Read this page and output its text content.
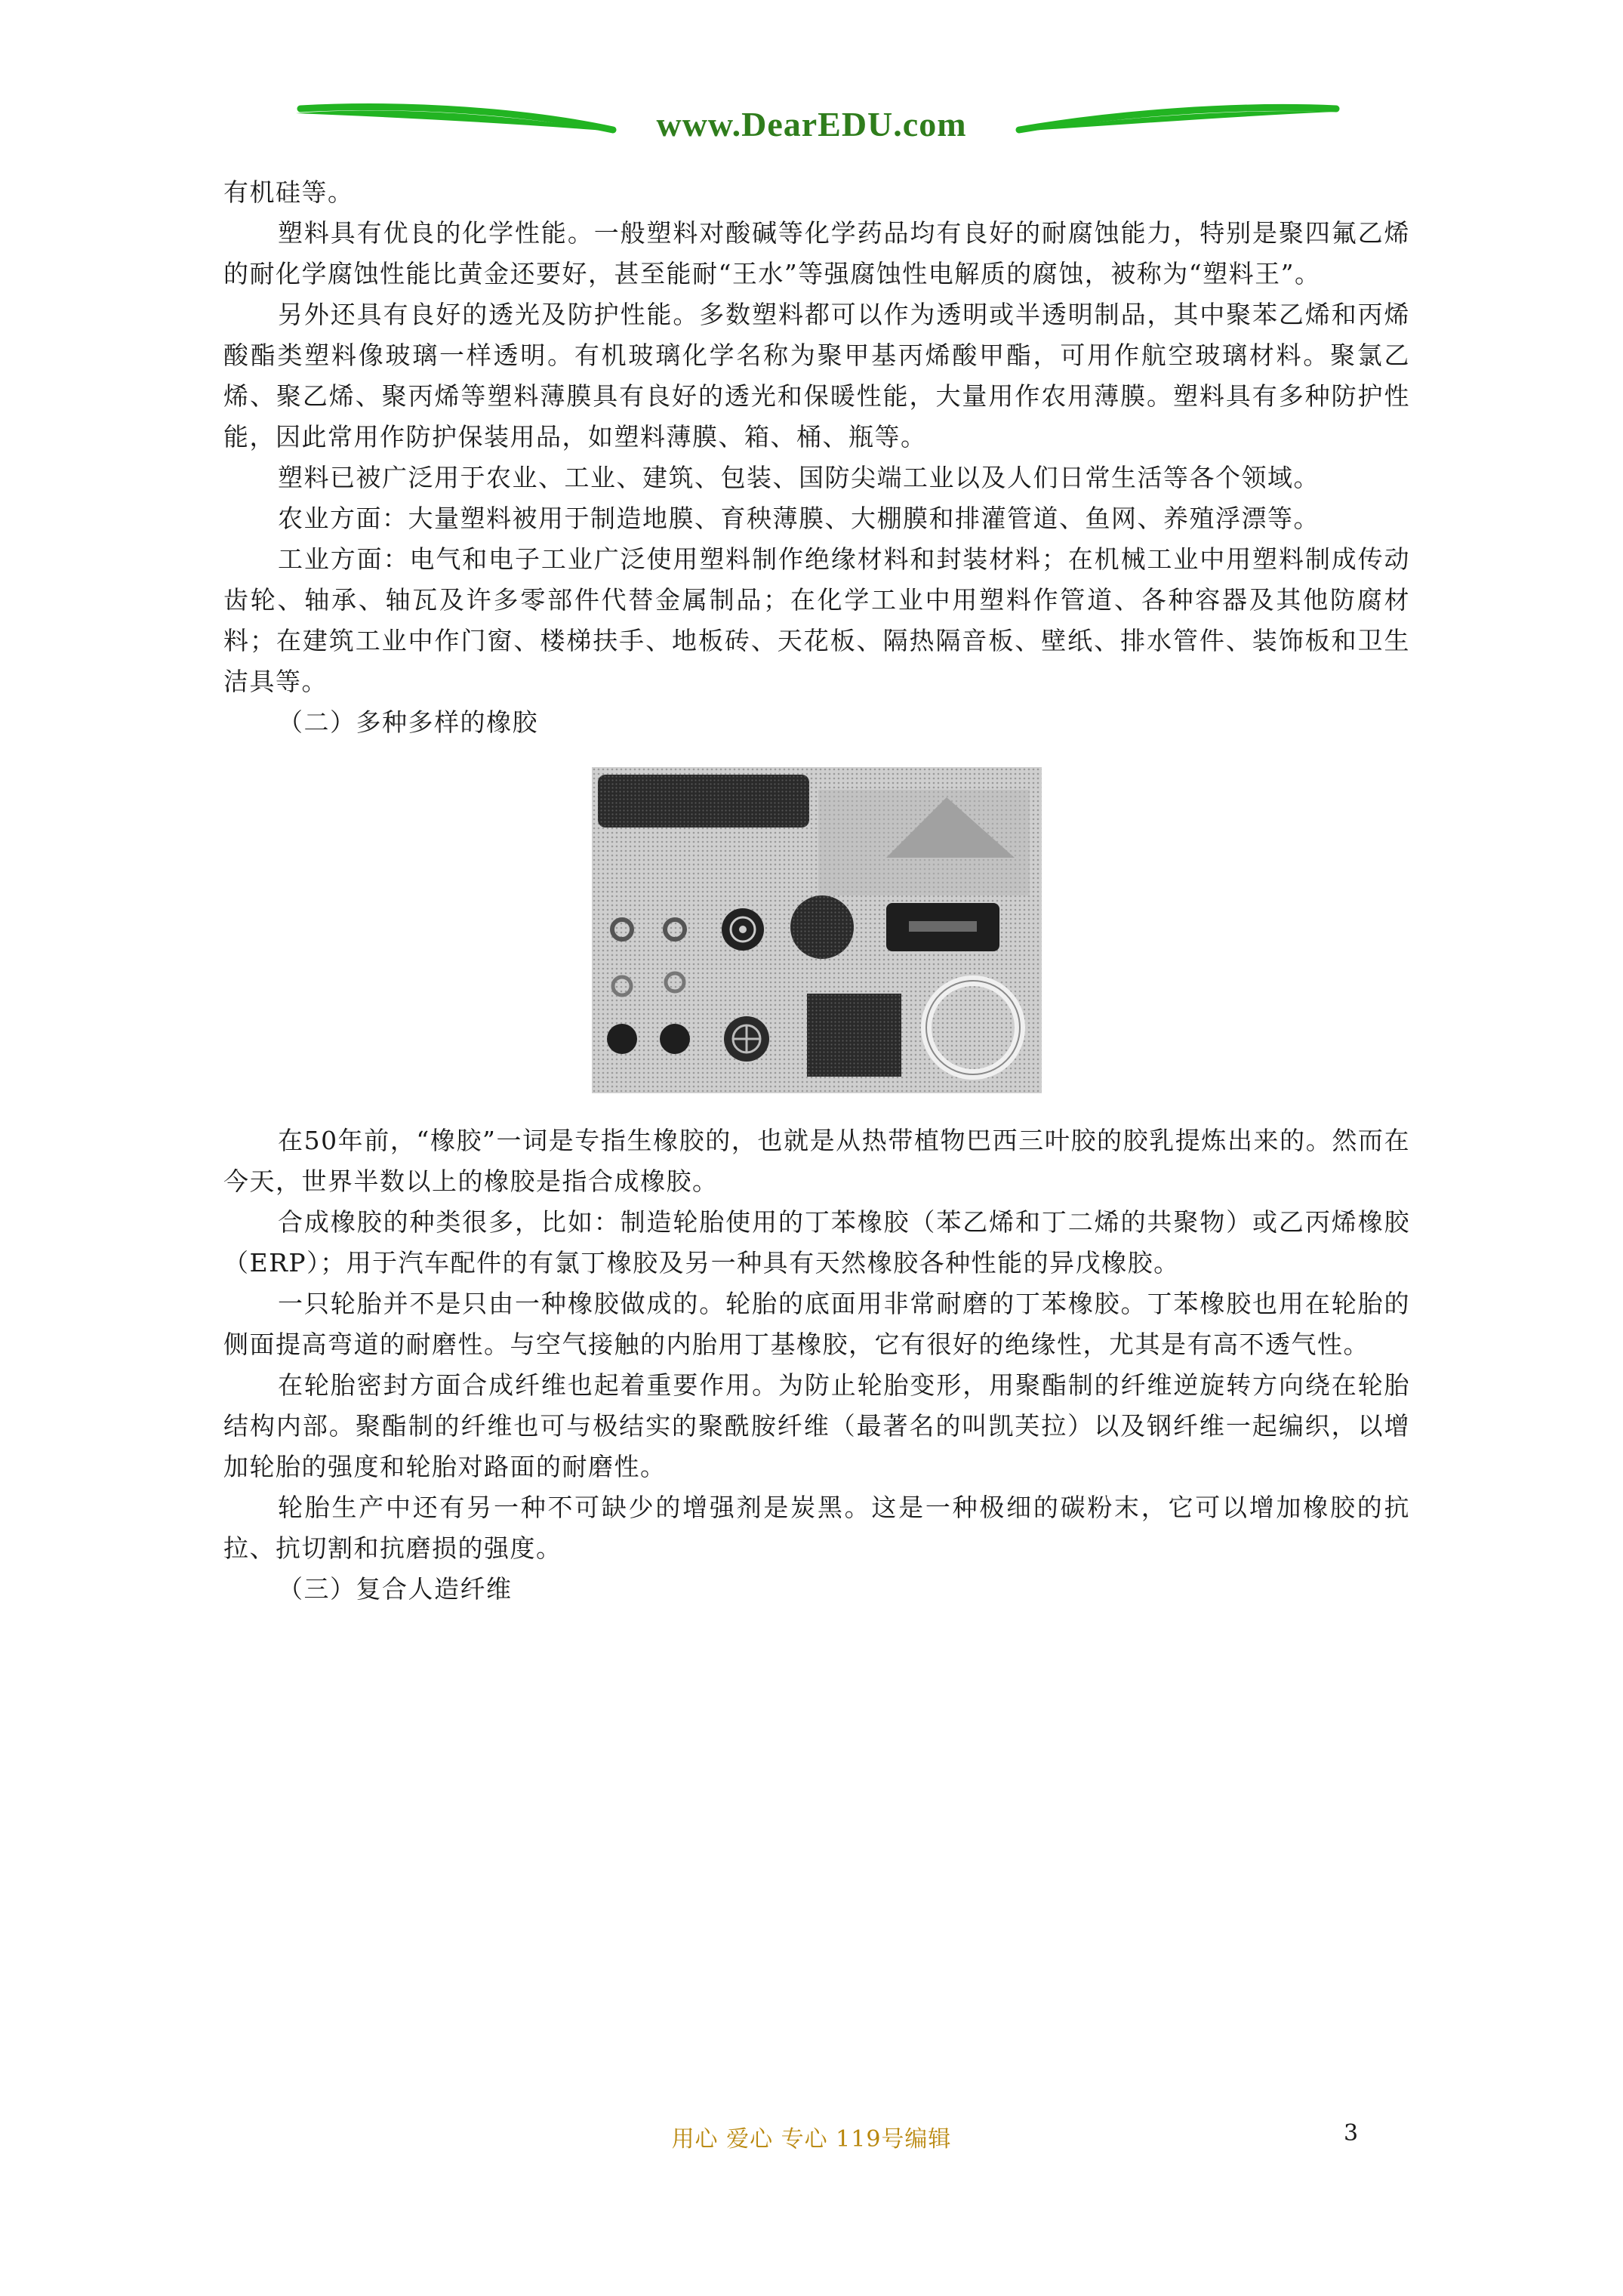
www.DearEDU.com

有机硅等。

塑料具有优良的化学性能。一般塑料对酸碱等化学药品均有良好的耐腐蚀能力，特别是聚四氟乙烯的耐化学腐蚀性能比黄金还要好，甚至能耐“王水”等强腐蚀性电解质的腐蚀，被称为“塑料王”。

另外还具有良好的透光及防护性能。多数塑料都可以作为透明或半透明制品，其中聚苯乙烯和丙烯酸酯类塑料像玻璃一样透明。有机玻璃化学名称为聚甲基丙烯酸甲酯，可用作航空玻璃材料。聚氯乙烯、聚乙烯、聚丙烯等塑料薄膜具有良好的透光和保暖性能，大量用作农用薄膜。塑料具有多种防护性能，因此常用作防护保装用品，如塑料薄膜、箱、桶、瓶等。

塑料已被广泛用于农业、工业、建筑、包装、国防尖端工业以及人们日常生活等各个领域。

农业方面：大量塑料被用于制造地膜、育秧薄膜、大棚膜和排灌管道、鱼网、养殖浮漂等。

工业方面：电气和电子工业广泛使用塑料制作绝缘材料和封装材料；在机械工业中用塑料制成传动齿轮、轴承、轴瓦及许多零部件代替金属制品；在化学工业中用塑料作管道、各种容器及其他防腐材料；在建筑工业中作门窗、楼梯扶手、地板砖、天花板、隔热隔音板、壁纸、排水管件、装饰板和卫生洁具等。

（二）多种多样的橡胶

在50年前，“橡胶”一词是专指生橡胶的，也就是从热带植物巴西三叶胶的胶乳提炼出来的。然而在今天，世界半数以上的橡胶是指合成橡胶。

合成橡胶的种类很多，比如：制造轮胎使用的丁苯橡胶（苯乙烯和丁二烯的共聚物）或乙丙烯橡胶（ERP）；用于汽车配件的有氯丁橡胶及另一种具有天然橡胶各种性能的异戊橡胶。

一只轮胎并不是只由一种橡胶做成的。轮胎的底面用非常耐磨的丁苯橡胶。丁苯橡胶也用在轮胎的侧面提高弯道的耐磨性。与空气接触的内胎用丁基橡胶，它有很好的绝缘性，尤其是有高不透气性。

在轮胎密封方面合成纤维也起着重要作用。为防止轮胎变形，用聚酯制的纤维逆旋转方向绕在轮胎结构内部。聚酯制的纤维也可与极结实的聚酰胺纤维（最著名的叫凯芙拉）以及钢纤维一起编织，以增加轮胎的强度和轮胎对路面的耐磨性。

轮胎生产中还有另一种不可缺少的增强剂是炭黑。这是一种极细的碳粉末，它可以增加橡胶的抗拉、抗切割和抗磨损的强度。

（三）复合人造纤维

用心 爱心 专心 119号编辑	3
